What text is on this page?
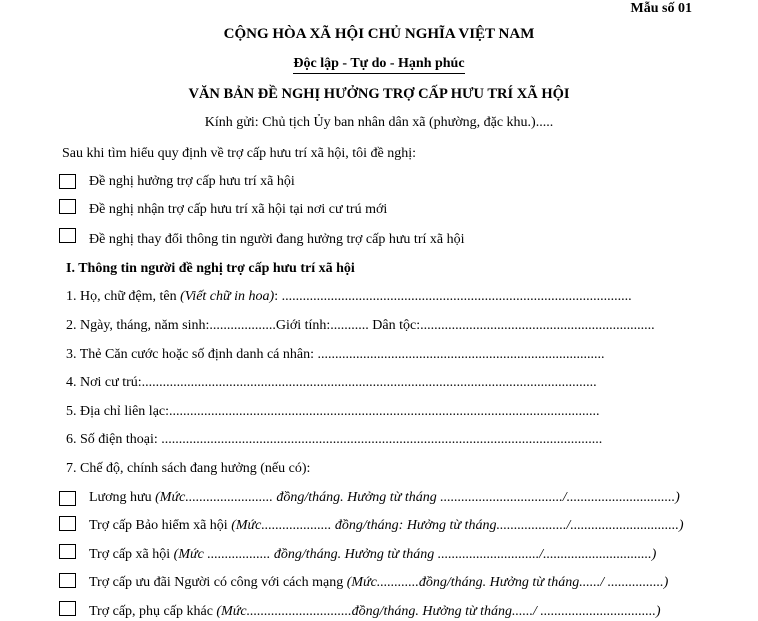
Mẫu số 01
CỘNG HÒA XÃ HỘI CHỦ NGHĨA VIỆT NAM
Độc lập - Tự do - Hạnh phúc
VĂN BẢN ĐỀ NGHỊ HƯỞNG TRỢ CẤP HƯU TRÍ XÃ HỘI
Kính gửi: Chủ tịch Ủy ban nhân dân xã (phường, đặc khu.).....
Sau khi tìm hiểu quy định về trợ cấp hưu trí xã hội, tôi đề nghị:
Đề nghị hưởng trợ cấp hưu trí xã hội
Đề nghị nhận trợ cấp hưu trí xã hội tại nơi cư trú mới
Đề nghị thay đổi thông tin người đang hưởng trợ cấp hưu trí xã hội
I. Thông tin người đề nghị trợ cấp hưu trí xã hội
1. Họ, chữ đệm, tên (Viết chữ in hoa): ....................................................................................................
2. Ngày, tháng, năm sinh:...................Giới tính:........... Dân tộc:...................................................................
3. Thẻ Căn cước hoặc số định danh cá nhân: ..................................................................................
4. Nơi cư trú:..................................................................................................................................
5. Địa chỉ liên lạc:...........................................................................................................................
6. Số điện thoại: ..............................................................................................................................
7. Chế độ, chính sách đang hưởng (nếu có):
Lương hưu (Mức......................... đồng/tháng. Hưởng từ tháng .................................../...............................)
Trợ cấp Bảo hiểm xã hội (Mức.................... đồng/tháng: Hưởng từ tháng..................../...............................)
Trợ cấp xã hội (Mức .................. đồng/tháng. Hưởng từ tháng ............................./...............................)
Trợ cấp ưu đãi Người có công với cách mạng (Mức............đồng/tháng. Hưởng từ tháng....../ ................)
Trợ cấp, phụ cấp khác (Mức..............................đồng/tháng. Hưởng từ tháng....../ .................................)
